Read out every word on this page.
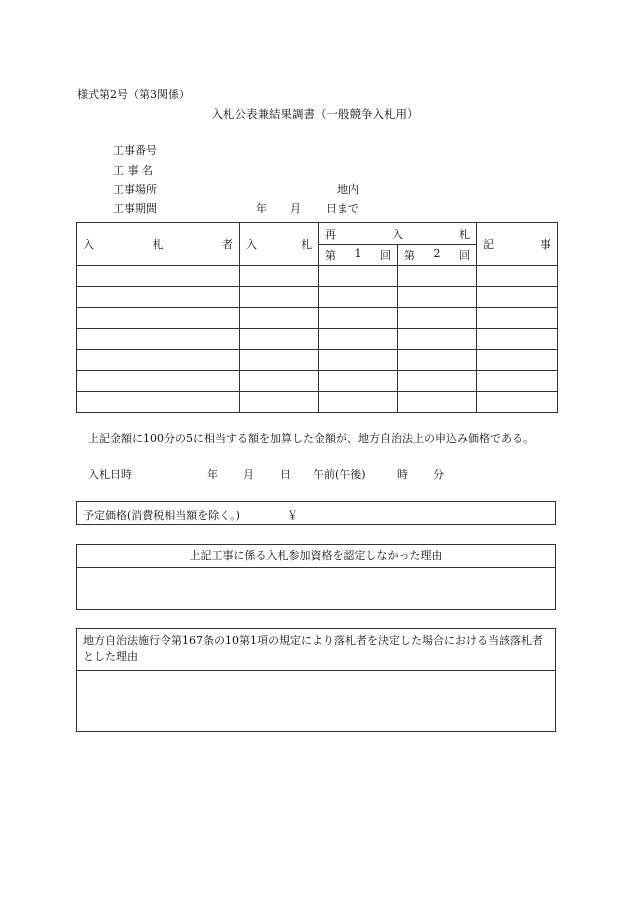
様式第2号（第3関係）
入札公表兼結果調書（一般競争入札用）
工事番号
工 事 名
工事場所	地内
工事期間	年 月 日まで
入 札 者	入 札	再 入 札		記 事

		第 1 回	第 2 回	

上記金額に100分の5に相当する額を加算した金額が、地方自治法上の申込み価格である。
入札日時	年 月 日 午前(午後)	時 分
予定価格(消費税相当額を除く。)	￥
上記工事に係る入札参加資格を認定しなかった理由
地方自治法施行令第167条の10第1項の規定により落札者を決定した場合における当該落札者とした理由
